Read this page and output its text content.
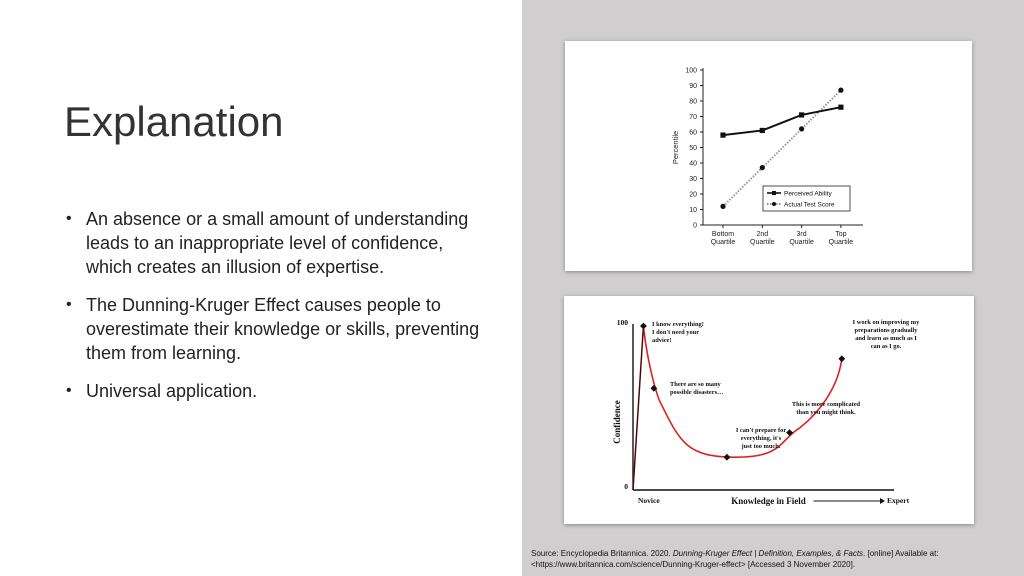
Explanation
• An absence or a small amount of understanding leads to an inappropriate level of confidence, which creates an illusion of expertise.
• The Dunning-Kruger Effect causes people to overestimate their knowledge or skills, preventing them from learning.
• Universal application.
0
10
20
30
40
50
60
70
80
90
100
Bottom Quartile
2nd Quartile
3rd Quartile
Top Quartile
Percentile
Perceived Ability
Actual Test Score
100
0
Confidence
Novice	Expert
Knowledge in Field
I know everything! I don't need your advice!
There are so many possible disasters…
I can't prepare for everything, it's just too much.
This is more complicated than you might think.
I work on improving my preparations gradually and learn as much as I can as I go.
Source: Encyclopedia Britannica. 2020. Dunning-Kruger Effect | Definition, Examples, & Facts. [online] Available at: <https://www.britannica.com/science/Dunning-Kruger-effect> [Accessed 3 November 2020].
